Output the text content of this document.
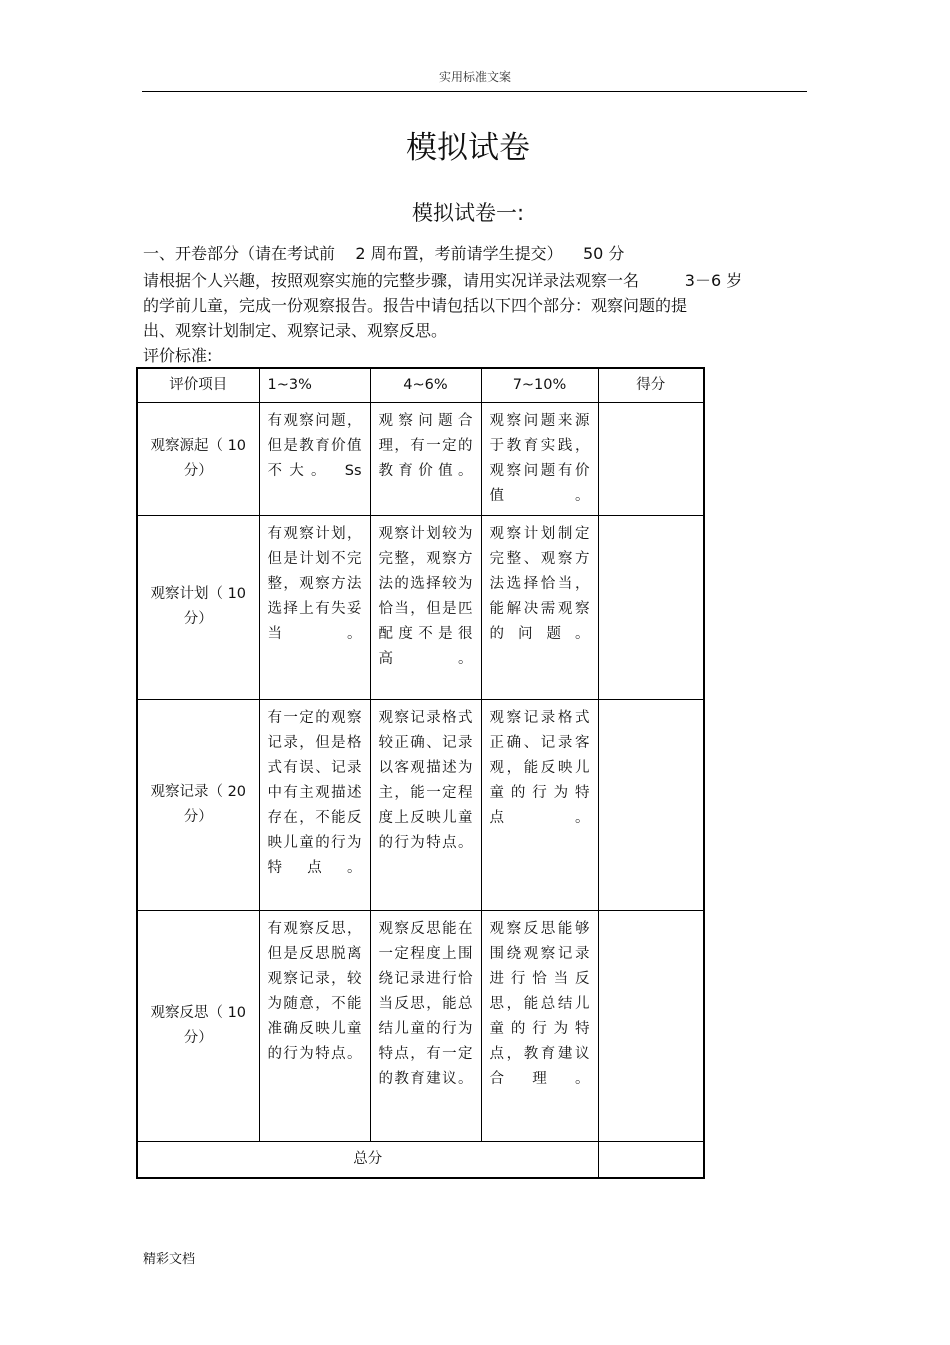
实用标准文案
模拟试卷
模拟试卷一:
一、开卷部分（请在考试前    2 周布置，考前请学生提交）    50 分
请根据个人兴趣，按照观察实施的完整步骤，请用实况详录法观察一名         3－6 岁
的学前儿童，完成一份观察报告。报告中请包括以下四个部分：观察问题的提
出、观察计划制定、观察记录、观察反思。
评价标准:
评价项目	1~3%	4~6%	7~10%	得分
观察源起（ 10 分）	有观察问题，但是教育价值不大。 Ss	观察问题合理，有一定的教育价值。	观察问题来源于教育实践，观察问题有价值。	
观察计划（ 10 分）	有观察计划，但是计划不完整，观察方法选择上有失妥当。	观察计划较为完整，观察方法的选择较为恰当，但是匹配度不是很高。	观察计划制定完整、观察方法选择恰当，能解决需观察的问题。	
观察记录（ 20 分）	有一定的观察记录，但是格式有误、记录中有主观描述存在，不能反映儿童的行为特点。	观察记录格式较正确、记录以客观描述为主，能一定程度上反映儿童的行为特点。	观察记录格式正确、记录客观，能反映儿童的行为特点。	
观察反思（ 10 分）	有观察反思，但是反思脱离观察记录，较为随意，不能准确反映儿童的行为特点。	观察反思能在一定程度上围绕记录进行恰当反思，能总结儿童的行为特点，有一定的教育建议。	观察反思能够围绕观察记录进行恰当反思，能总结儿童的行为特点，教育建议合理。	
总分				
精彩文档
